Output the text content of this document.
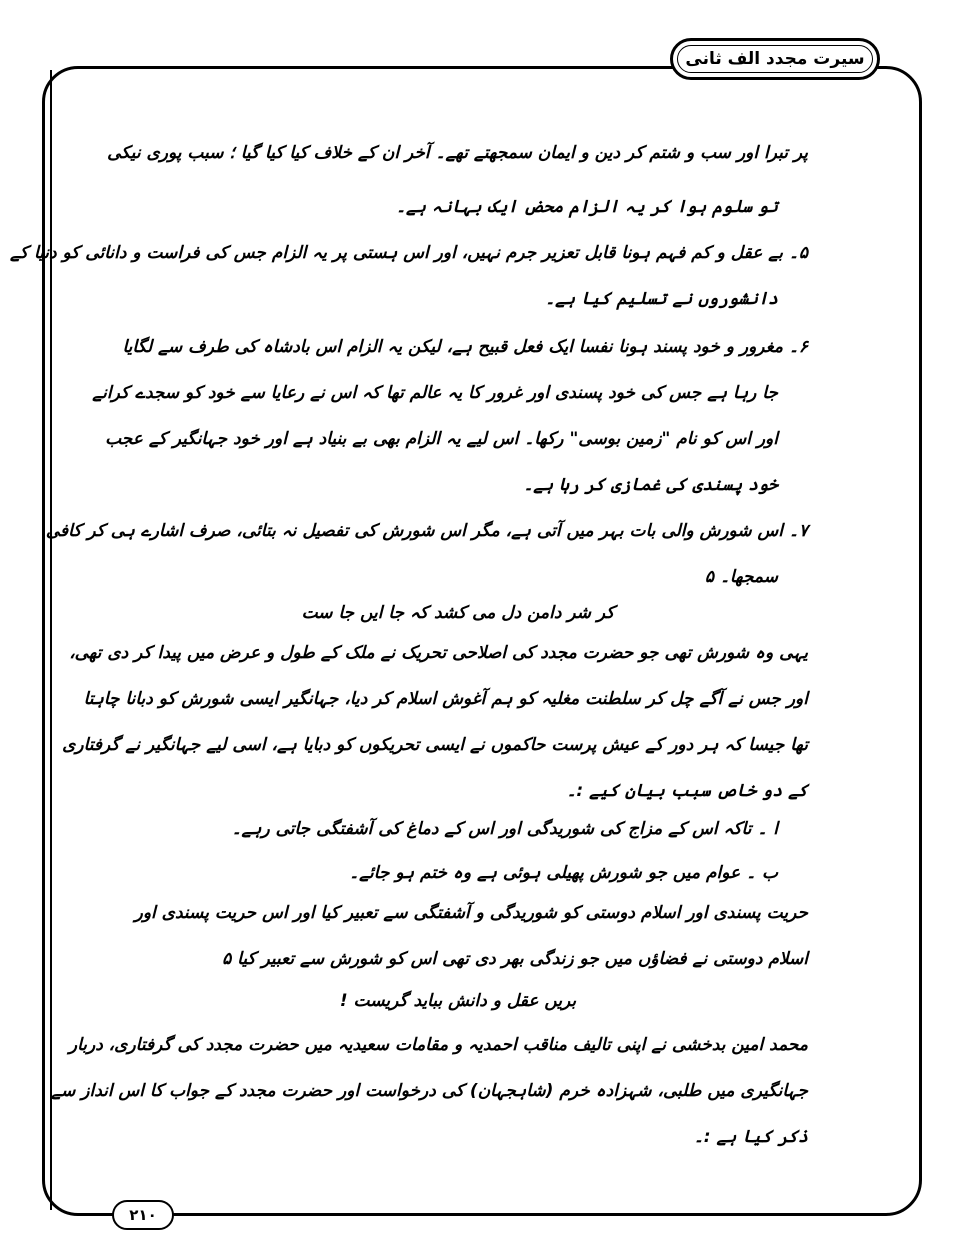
سیرت مجدد الف ثانی
پر تبرا اور سب و شتم کر دین و ایمان سمجھتے تھے۔ آخر ان کے خلاف کیا کیا گیا ؛ سبب پوری نیکی
تو سلوم ہوا کر یہ الزام محض ایک بہانہ ہے۔
۵۔ بے عقل و کم فہم ہونا قابل تعزیر جرم نہیں، اور اس ہستی پر یہ الزام جس کی فراست و دانائی کو دنیا کے
دانشوروں نے تسلیم کیا ہے۔
۶۔ مغرور و خود پسند ہونا نفسا ایک فعل قبیح ہے، لیکن یہ الزام اس بادشاہ کی طرف سے لگایا
جا رہا ہے جس کی خود پسندی اور غرور کا یہ عالم تھا کہ اس نے رعایا سے خود کو سجدے کرانے
اور اس کو نام "زمین بوسی" رکھا۔ اس لیے یہ الزام بھی بے بنیاد ہے اور خود جہانگیر کے عجب
خود پسندی کی غمازی کر رہا ہے۔
۷۔ اس شورش والی بات بہر میں آتی ہے، مگر اس شورش کی تفصیل نہ بتائی، صرف اشارے ہی کر کافی
سمجھا۔ ۵
کر شر دامن دل می کشد کہ جا ایں جا ست
یہی وہ شورش تھی جو حضرت مجدد کی اصلاحی تحریک نے ملک کے طول و عرض میں پیدا کر دی تھی،
اور جس نے آگے چل کر سلطنت مغلیہ کو ہم آغوش اسلام کر دیا، جہانگیر ایسی شورش کو دبانا چاہتا
تھا جیسا کہ ہر دور کے عیش پرست حاکموں نے ایسی تحریکوں کو دبایا ہے، اسی لیے جہانگیر نے گرفتاری
کے دو خاص سبب بیان کیے :۔
ا ۔ تاکہ اس کے مزاج کی شوریدگی اور اس کے دماغ کی آشفتگی جاتی رہے۔
ب ۔ عوام میں جو شورش پھیلی ہوئی ہے وہ ختم ہو جائے۔
حریت پسندی اور اسلام دوستی کو شوریدگی و آشفتگی سے تعبیر کیا اور اس حریت پسندی اور
اسلام دوستی نے فضاؤں میں جو زندگی بھر دی تھی اس کو شورش سے تعبیر کیا ۵
بریں عقل و دانش بباید گریست !
محمد امین بدخشی نے اپنی تالیف مناقب احمدیہ و مقامات سعیدیہ میں حضرت مجدد کی گرفتاری، دربار
جہانگیری میں طلبی، شہزادہ خرم (شاہجہان) کی درخواست اور حضرت مجدد کے جواب کا اس انداز سے
ذکر کیا ہے :۔
۲۱۰
